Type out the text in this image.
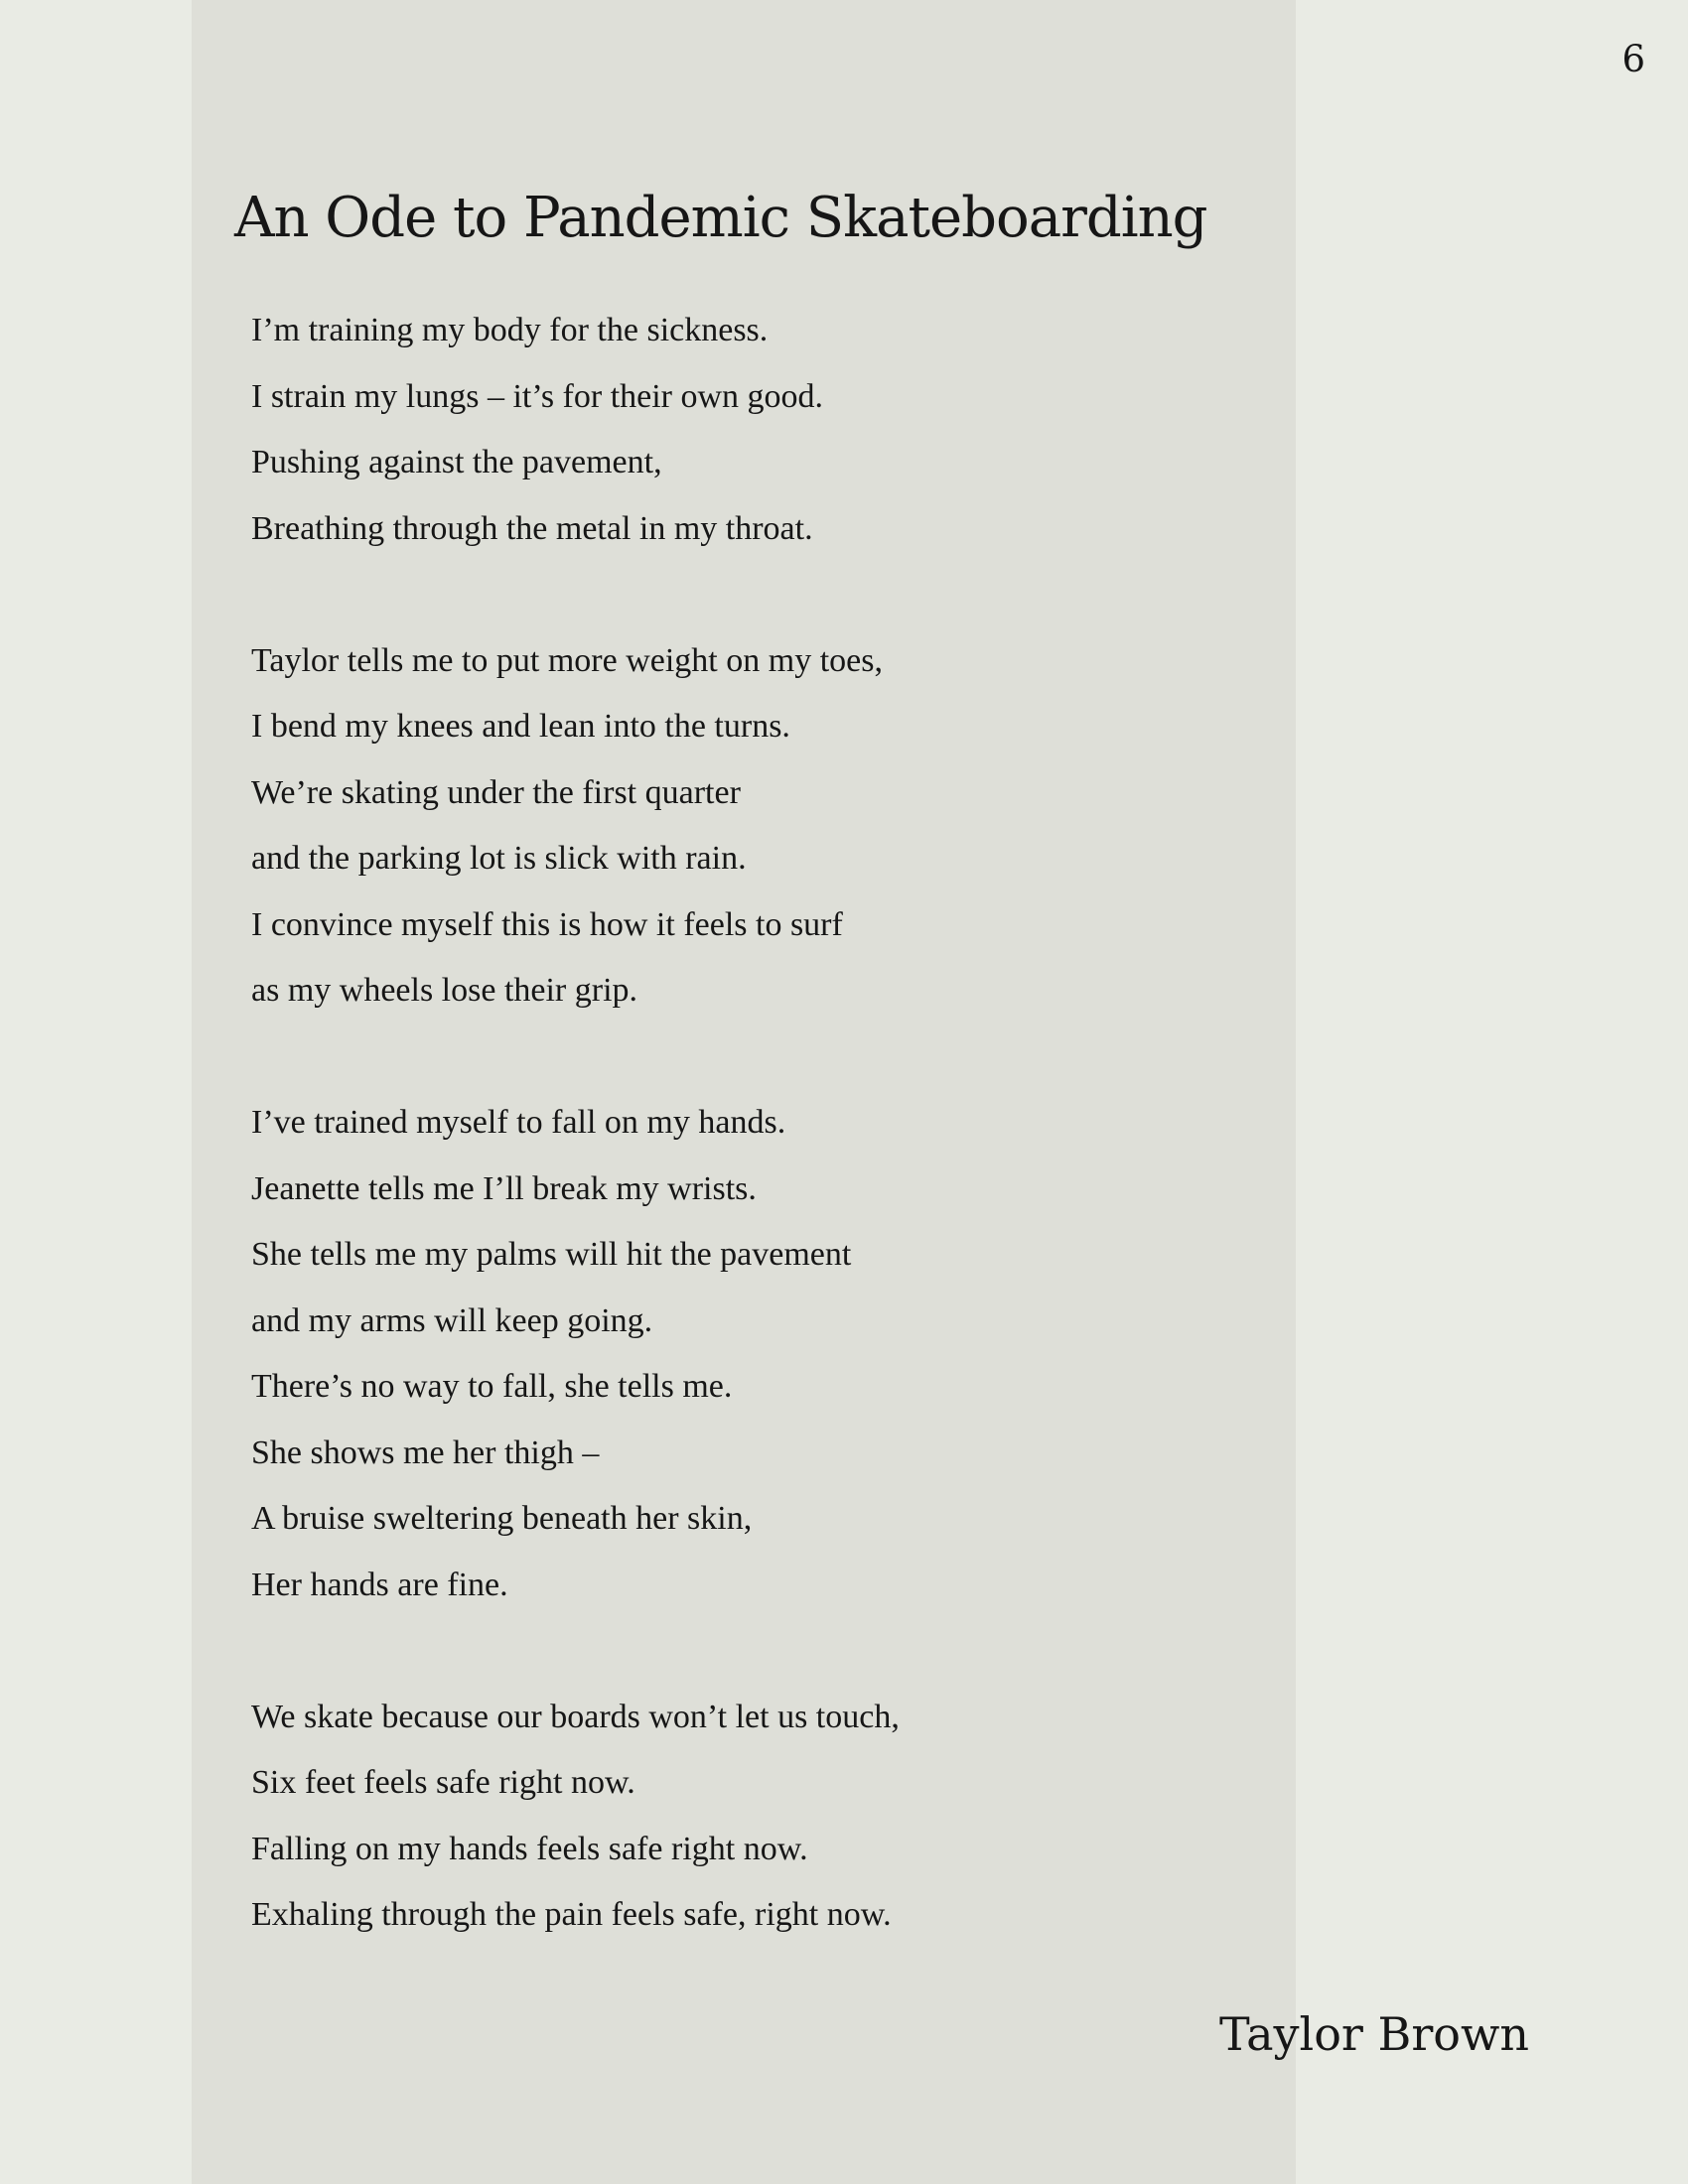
6
An Ode to Pandemic Skateboarding
I’m training my body for the sickness.
I strain my lungs – it’s for their own good.
Pushing against the pavement,
Breathing through the metal in my throat.
Taylor tells me to put more weight on my toes,
I bend my knees and lean into the turns.
We’re skating under the first quarter
and the parking lot is slick with rain.
I convince myself this is how it feels to surf
as my wheels lose their grip.
I’ve trained myself to fall on my hands.
Jeanette tells me I’ll break my wrists.
She tells me my palms will hit the pavement
and my arms will keep going.
There’s no way to fall, she tells me.
She shows me her thigh –
A bruise sweltering beneath her skin,
Her hands are fine.
We skate because our boards won’t let us touch,
Six feet feels safe right now.
Falling on my hands feels safe right now.
Exhaling through the pain feels safe, right now.

Taylor Brown
